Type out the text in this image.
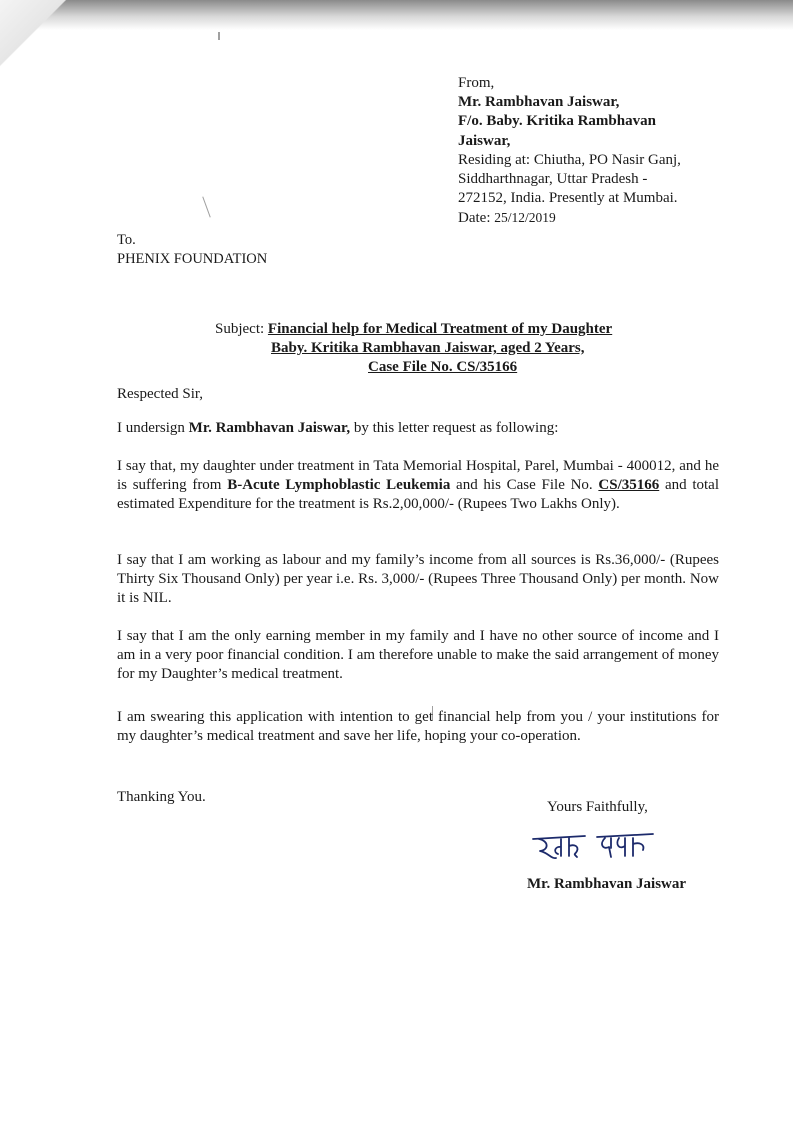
From,
Mr. Rambhavan Jaiswar,
F/o. Baby. Kritika Rambhavan
Jaiswar,
Residing at: Chiutha, PO Nasir Ganj,
Siddharthnagar, Uttar Pradesh -
272152, India. Presently at Mumbai.
Date: 25/12/2019
To.
PHENIX FOUNDATION
Subject: Financial help for Medical Treatment of my Daughter
Baby. Kritika Rambhavan Jaiswar, aged 2 Years,
Case File No. CS/35166
Respected Sir,
I undersign Mr. Rambhavan Jaiswar, by this letter request as following:
I say that, my daughter under treatment in Tata Memorial Hospital, Parel, Mumbai - 400012, and he is suffering from B-Acute Lymphoblastic Leukemia and his Case File No. CS/35166 and total estimated Expenditure for the treatment is Rs.2,00,000/- (Rupees Two Lakhs Only).
I say that I am working as labour and my family’s income from all sources is Rs.36,000/- (Rupees Thirty Six Thousand Only) per year i.e. Rs. 3,000/- (Rupees Three Thousand Only) per month. Now it is NIL.
I say that I am the only earning member in my family and I have no other source of income and I am in a very poor financial condition. I am therefore unable to make the said arrangement of money for my Daughter’s medical treatment.
I am swearing this application with intention to get financial help from you / your institutions for my daughter’s medical treatment and save her life, hoping your co-operation.
Thanking You.
Yours Faithfully,
Mr. Rambhavan Jaiswar
